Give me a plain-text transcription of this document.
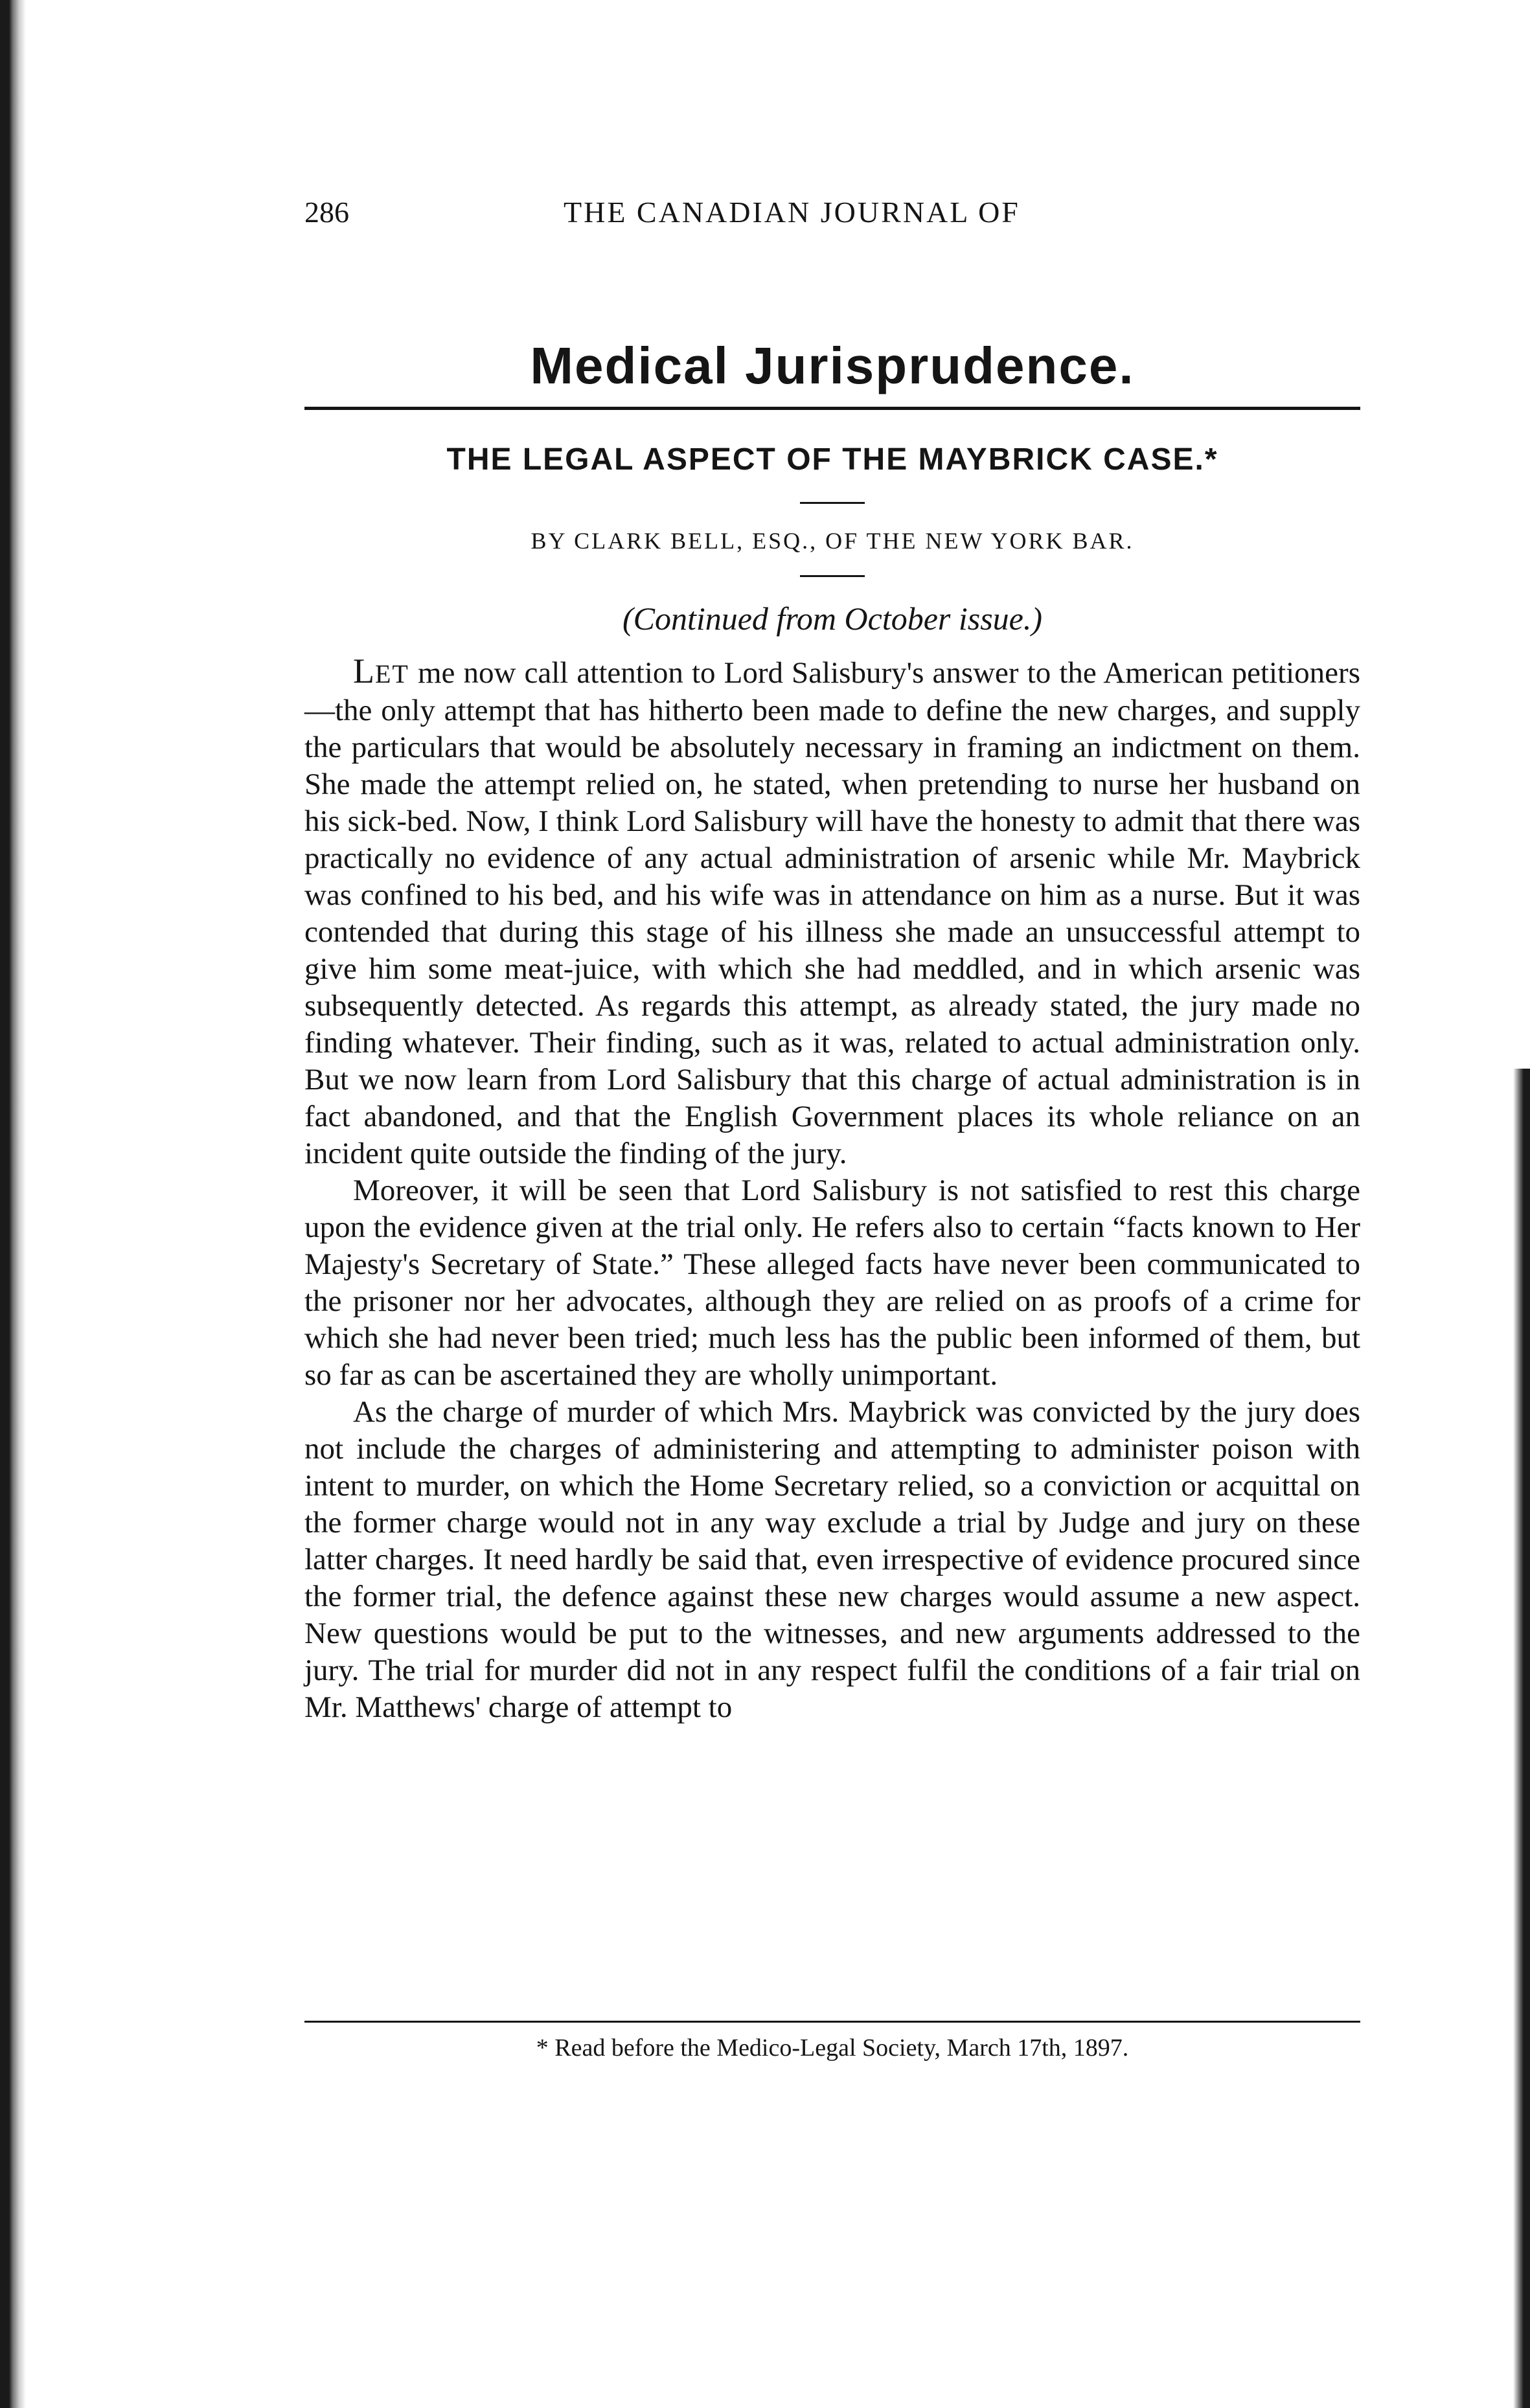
286	THE CANADIAN JOURNAL OF
Medical Jurisprudence.
THE LEGAL ASPECT OF THE MAYBRICK CASE.*
BY CLARK BELL, ESQ., OF THE NEW YORK BAR.
(Continued from October issue.)

LET me now call attention to Lord Salisbury's answer to the American petitioners—the only attempt that has hitherto been made to define the new charges, and supply the particulars that would be absolutely necessary in framing an indictment on them. She made the attempt relied on, he stated, when pretending to nurse her husband on his sick-bed. Now, I think Lord Salisbury will have the honesty to admit that there was practically no evidence of any actual administration of arsenic while Mr. Maybrick was confined to his bed, and his wife was in attendance on him as a nurse. But it was contended that during this stage of his illness she made an unsuccessful attempt to give him some meat-juice, with which she had meddled, and in which arsenic was subsequently detected. As regards this attempt, as already stated, the jury made no finding whatever. Their finding, such as it was, related to actual administration only. But we now learn from Lord Salisbury that this charge of actual administration is in fact abandoned, and that the English Government places its whole reliance on an incident quite outside the finding of the jury.

Moreover, it will be seen that Lord Salisbury is not satisfied to rest this charge upon the evidence given at the trial only. He refers also to certain “facts known to Her Majesty's Secretary of State.” These alleged facts have never been communicated to the prisoner nor her advocates, although they are relied on as proofs of a crime for which she had never been tried; much less has the public been informed of them, but so far as can be ascertained they are wholly unimportant.

As the charge of murder of which Mrs. Maybrick was convicted by the jury does not include the charges of administering and attempting to administer poison with intent to murder, on which the Home Secretary relied, so a conviction or acquittal on the former charge would not in any way exclude a trial by Judge and jury on these latter charges. It need hardly be said that, even irrespective of evidence procured since the former trial, the defence against these new charges would assume a new aspect. New questions would be put to the witnesses, and new arguments addressed to the jury. The trial for murder did not in any respect fulfil the conditions of a fair trial on Mr. Matthews' charge of attempt to

* Read before the Medico-Legal Society, March 17th, 1897.
